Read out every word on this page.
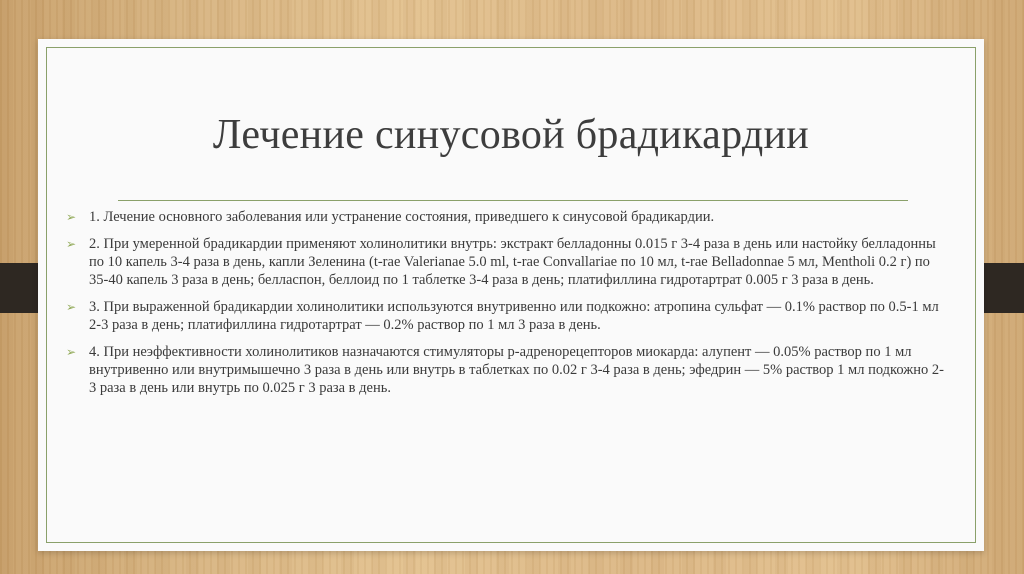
Лечение синусовой брадикардии
➢ 1. Лечение основного заболевания или устранение состояния, приведшего к синусовой брадикардии.
➢ 2. При умеренной брадикардии применяют холинолитики внутрь: экстракт белладонны 0.015 г 3-4 раза в день или настойку белладонны по 10 капель 3-4 раза в день, капли Зеленина (t-rae Valerianae 5.0 ml, t-rae Convallariae по 10 мл, t-rae Belladonnae 5 мл, Mentholi 0.2 г) по 35-40 капель 3 раза в день; белласпон, беллоид по 1 таблетке 3-4 раза в день; платифиллина гидротартрат 0.005 г 3 раза в день.
➢ 3. При выраженной брадикардии холинолитики используются внутривенно или подкожно: атропина сульфат — 0.1% раствор по 0.5-1 мл 2-3 раза в день; платифиллина гидротартрат — 0.2% раствор по 1 мл 3 раза в день.
➢ 4. При неэффективности холинолитиков назначаются стимуляторы р-адренорецепторов миокарда: алупент — 0.05% раствор по 1 мл внутривенно или внутримышечно 3 раза в день или внутрь в таблетках по 0.02 г 3-4 раза в день; эфедрин — 5% раствор 1 мл подкожно 2-3 раза в день или внутрь по 0.025 г 3 раза в день.
